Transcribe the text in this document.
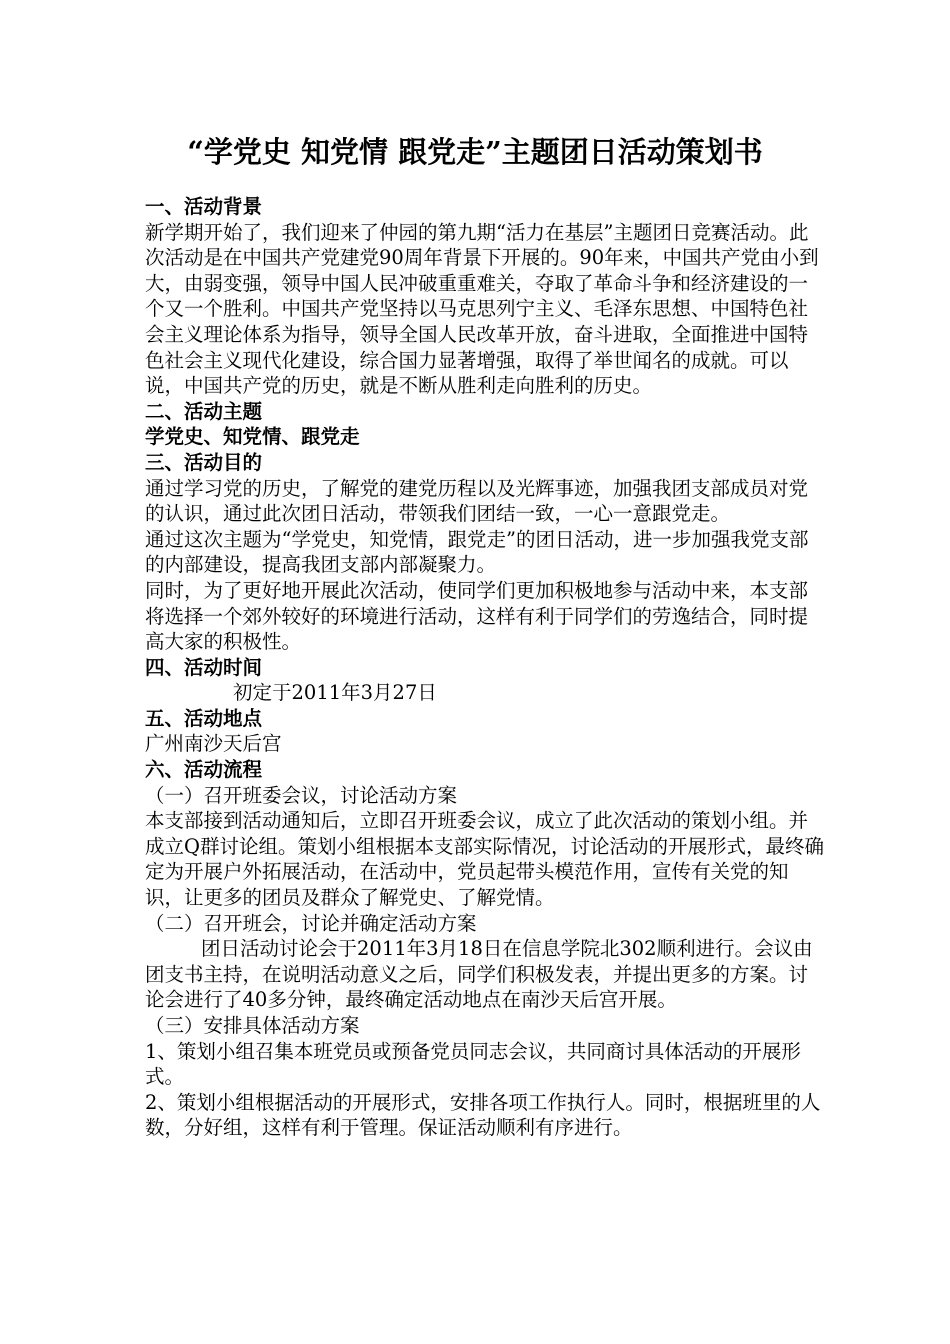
“学党史 知党情 跟党走”主题团日活动策划书

一、活动背景

新学期开始了，我们迎来了仲园的第九期“活力在基层”主题团日竞赛活动。此次活动是在中国共产党建党90周年背景下开展的。90年来，中国共产党由小到大，由弱变强，领导中国人民冲破重重难关，夺取了革命斗争和经济建设的一个又一个胜利。中国共产党坚持以马克思列宁主义、毛泽东思想、中国特色社会主义理论体系为指导，领导全国人民改革开放，奋斗进取，全面推进中国特色社会主义现代化建设，综合国力显著增强，取得了举世闻名的成就。可以说，中国共产党的历史，就是不断从胜利走向胜利的历史。

二、活动主题

学党史、知党情、跟党走

三、活动目的

通过学习党的历史，了解党的建党历程以及光辉事迹，加强我团支部成员对党的认识，通过此次团日活动，带领我们团结一致，一心一意跟党走。

通过这次主题为“学党史，知党情，跟党走”的团日活动，进一步加强我党支部的内部建设，提高我团支部内部凝聚力。

同时，为了更好地开展此次活动，使同学们更加积极地参与活动中来，本支部将选择一个郊外较好的环境进行活动，这样有利于同学们的劳逸结合，同时提高大家的积极性。

四、活动时间

初定于2011年3月27日

五、活动地点

广州南沙天后宫

六、活动流程

（一）召开班委会议，讨论活动方案

本支部接到活动通知后，立即召开班委会议，成立了此次活动的策划小组。并成立Q群讨论组。策划小组根据本支部实际情况，讨论活动的开展形式，最终确定为开展户外拓展活动，在活动中，党员起带头模范作用，宣传有关党的知识，让更多的团员及群众了解党史、了解党情。

（二）召开班会，讨论并确定活动方案

团日活动讨论会于2011年3月18日在信息学院北302顺利进行。会议由团支书主持，在说明活动意义之后，同学们积极发表，并提出更多的方案。讨论会进行了40多分钟，最终确定活动地点在南沙天后宫开展。

（三）安排具体活动方案

1、策划小组召集本班党员或预备党员同志会议，共同商讨具体活动的开展形式。

2、策划小组根据活动的开展形式，安排各项工作执行人。同时，根据班里的人数，分好组，这样有利于管理。保证活动顺利有序进行。
